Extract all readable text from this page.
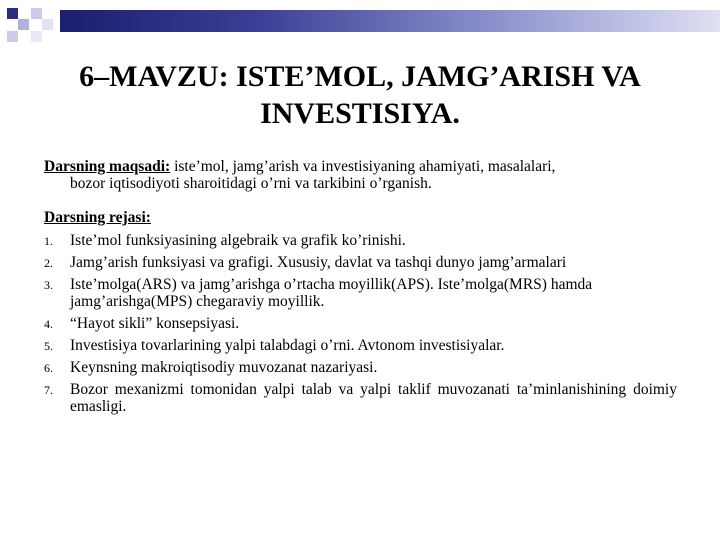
6–MAVZU: ISTE’MOL, JAMG’ARISH VA
INVESTISIYA.
Darsning maqsadi: iste’mol, jamg’arish va investisiyaning ahamiyati, masalalari,
bozor iqtisodiyoti sharoitidagi o’rni va tarkibini o’rganish.
Darsning rejasi:
1. Iste’mol funksiyasining algebraik va grafik ko’rinishi.
2. Jamg’arish funksiyasi va grafigi. Xususiy, davlat va tashqi dunyo jamg’armalari
3. Iste’molga(ARS) va jamg’arishga o’rtacha moyillik(APS). Iste’molga(MRS) hamda jamg’arishga(MPS) chegaraviy moyillik.
4. “Hayot sikli” konsepsiyasi.
5. Investisiya tovarlarining yalpi talabdagi o’rni. Avtonom investisiyalar.
6. Keynsning makroiqtisodiy muvozanat nazariyasi.
7. Bozor mexanizmi tomonidan yalpi talab va yalpi taklif muvozanati ta’minlanishining doimiy emasligi.
